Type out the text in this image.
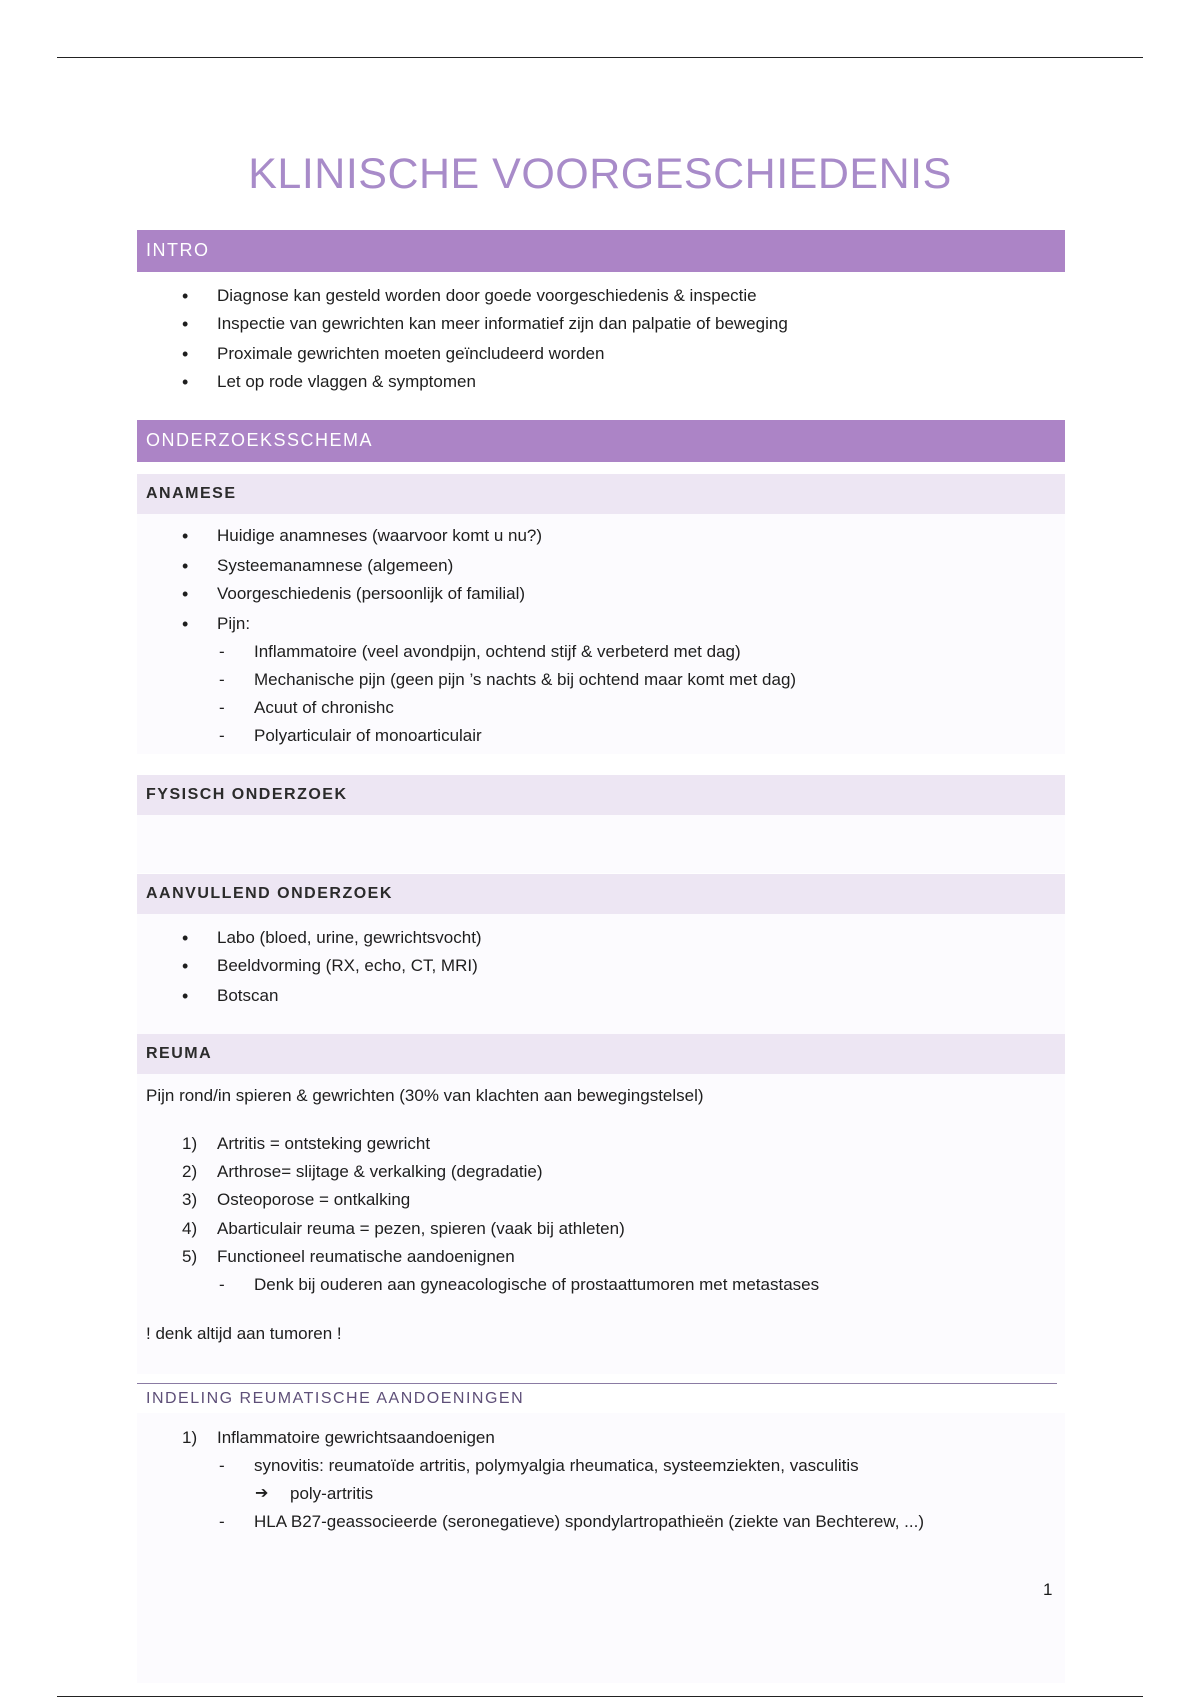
KLINISCHE VOORGESCHIEDENIS
INTRO
• Diagnose kan gesteld worden door goede voorgeschiedenis & inspectie
• Inspectie van gewrichten kan meer informatief zijn dan palpatie of beweging
• Proximale gewrichten moeten geïncludeerd worden
• Let op rode vlaggen & symptomen
ONDERZOEKSSCHEMA
ANAMESE
• Huidige anamneses (waarvoor komt u nu?)
• Systeemanamnese (algemeen)
• Voorgeschiedenis (persoonlijk of familial)
• Pijn:
- Inflammatoire (veel avondpijn, ochtend stijf & verbeterd met dag)
- Mechanische pijn (geen pijn ’s nachts & bij ochtend maar komt met dag)
- Acuut of chronishc
- Polyarticulair of monoarticulair
FYSISCH ONDERZOEK
AANVULLEND ONDERZOEK
• Labo (bloed, urine, gewrichtsvocht)
• Beeldvorming (RX, echo, CT, MRI)
• Botscan
REUMA
Pijn rond/in spieren & gewrichten (30% van klachten aan bewegingstelsel)
1) Artritis = ontsteking gewricht
2) Arthrose= slijtage & verkalking (degradatie)
3) Osteoporose = ontkalking
4) Abarticulair reuma = pezen, spieren (vaak bij athleten)
5) Functioneel reumatische aandoenignen
- Denk bij ouderen aan gyneacologische of prostaattumoren met metastases
! denk altijd aan tumoren !
INDELING REUMATISCHE AANDOENINGEN
1) Inflammatoire gewrichtsaandoenigen
- synovitis: reumatoïde artritis, polymyalgia rheumatica, systeemziekten, vasculitis
➔ poly-artritis
- HLA B27-geassocieerde (seronegatieve) spondylartropathieën (ziekte van Bechterew, ...)
1
